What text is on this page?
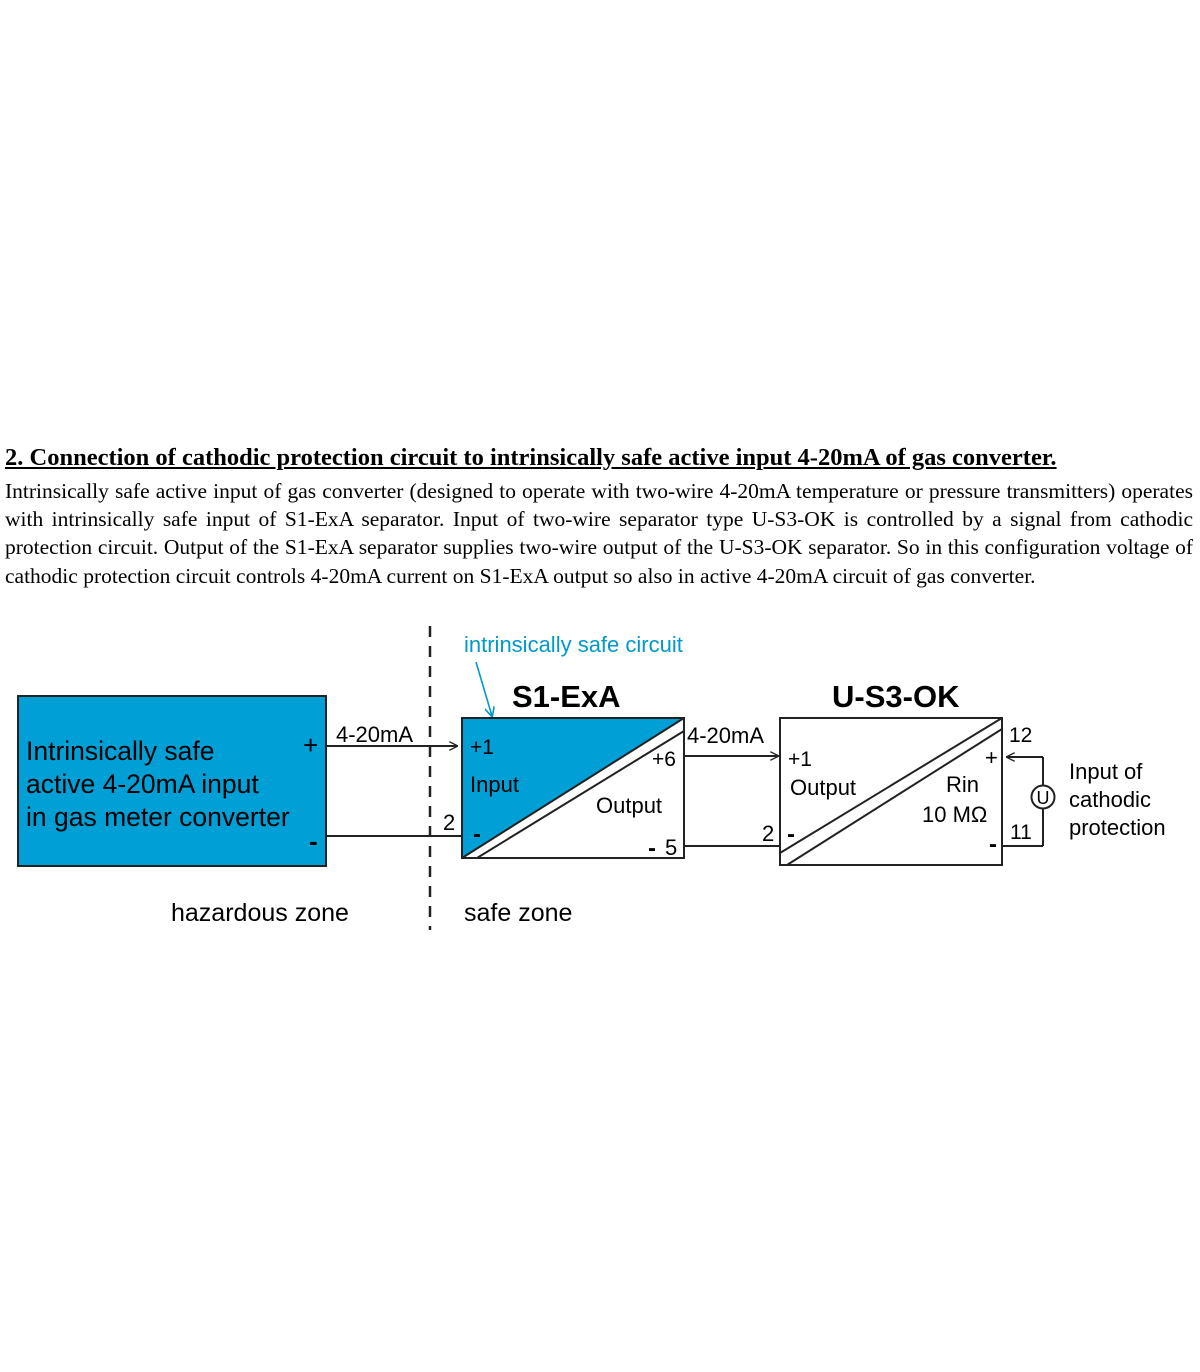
2. Connection of cathodic protection circuit to intrinsically safe active input 4-20mA of gas converter.

Intrinsically safe active input of gas converter (designed to operate with two-wire 4-20mA temperature or pressure transmitters) operates with intrinsically safe input of S1-ExA separator. Input of two-wire separator type U-S3-OK is controlled by a signal from cathodic protection circuit. Output of the S1-ExA separator supplies two-wire output of the U-S3-OK separator. So in this configuration voltage of cathodic protection circuit controls 4-20mA current on S1-ExA output so also in active 4-20mA circuit of gas converter.

intrinsically safe circuit
Intrinsically safe
active 4-20mA input
in gas meter converter
+
-
4-20mA
2
S1-ExA
+1
Input
-
+6
Output
- 5
4-20mA
U-S3-OK
+1
Output
2 -
Rin
10 MΩ
+
-
12
U
11
Input of
cathodic
protection
hazardous zone	safe zone
